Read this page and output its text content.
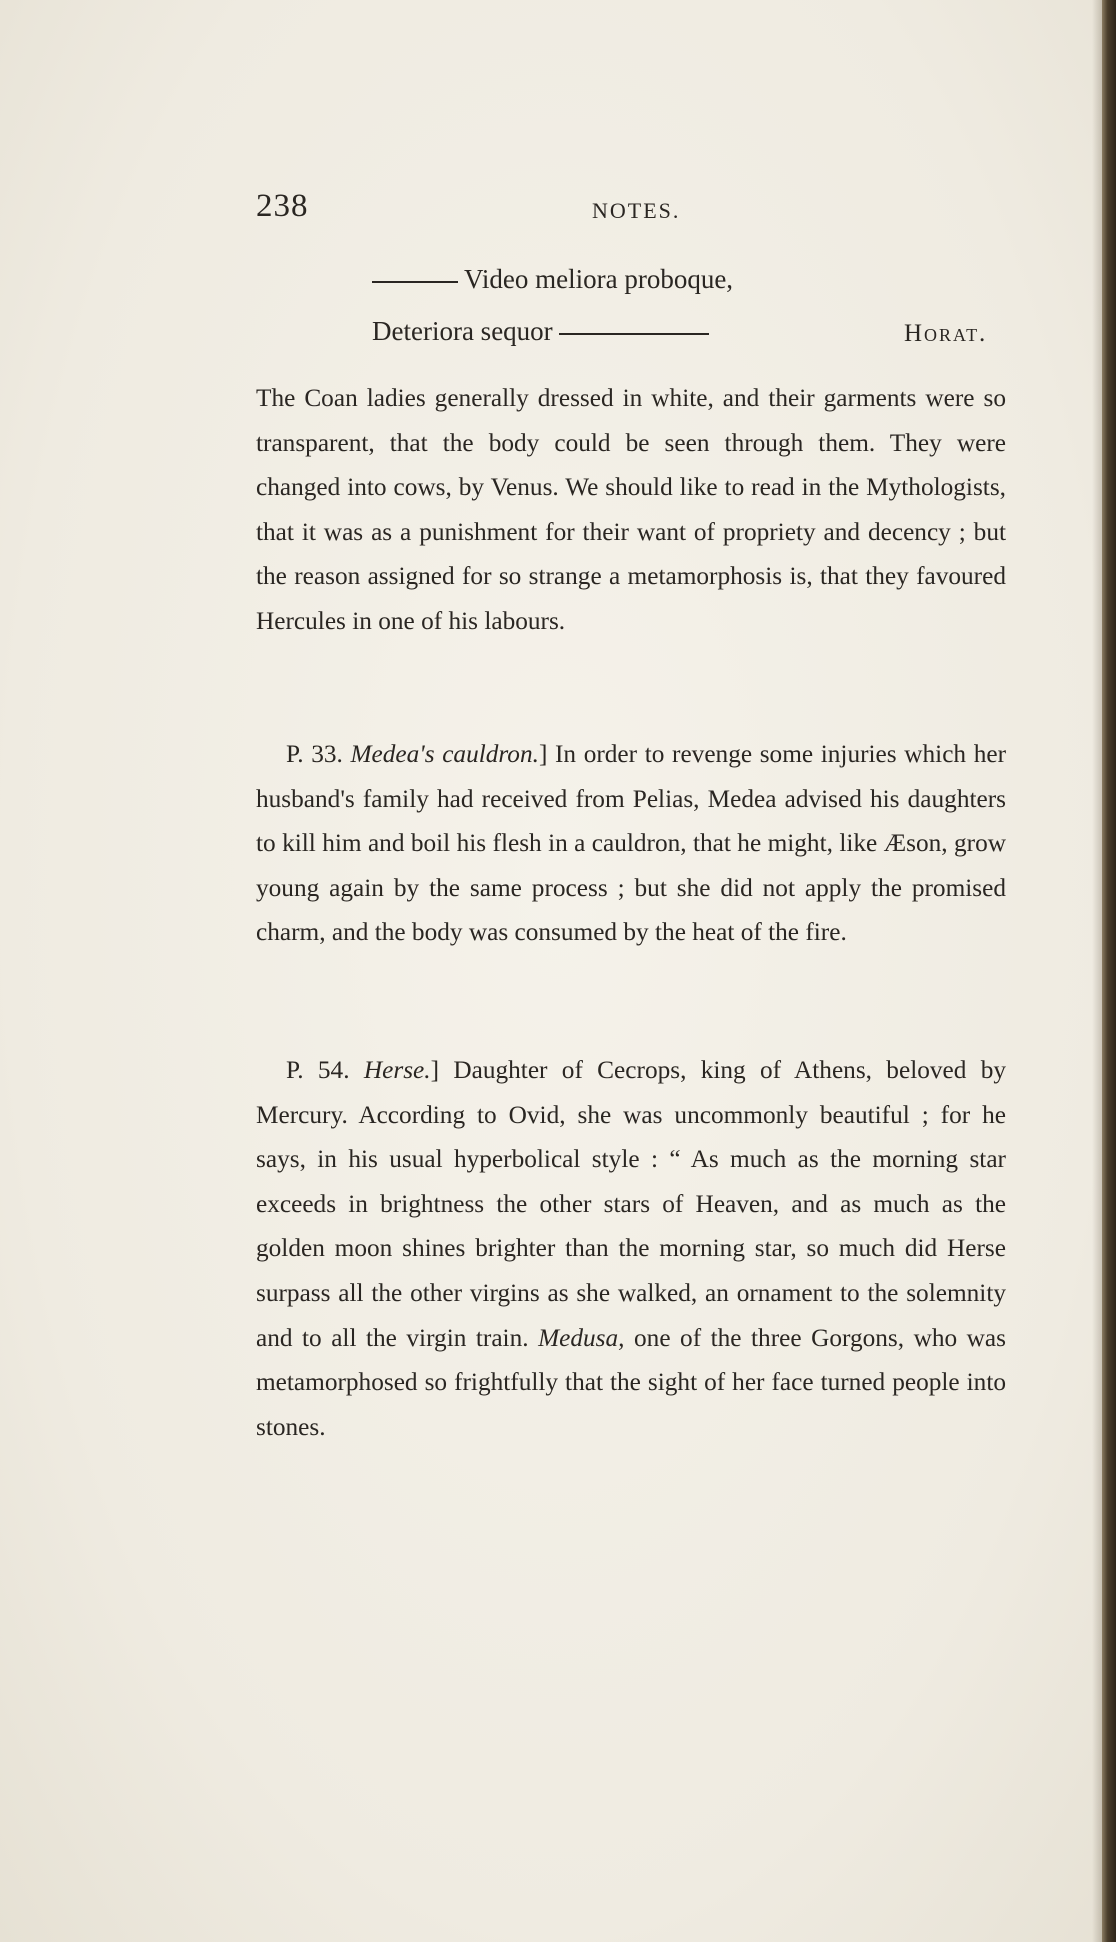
238	NOTES.
Video meliora proboque,
Deteriora sequor	Horat.

The Coan ladies generally dressed in white, and their garments were so transparent, that the body could be seen through them. They were changed into cows, by Venus. We should like to read in the Mythologists, that it was as a punishment for their want of propriety and decency ; but the reason assigned for so strange a metamorphosis is, that they favoured Hercules in one of his labours.

P. 33. Medea's cauldron.] In order to revenge some injuries which her husband's family had received from Pelias, Medea advised his daughters to kill him and boil his flesh in a cauldron, that he might, like Æson, grow young again by the same process ; but she did not apply the promised charm, and the body was consumed by the heat of the fire.

P. 54. Herse.] Daughter of Cecrops, king of Athens, beloved by Mercury. According to Ovid, she was uncommonly beautiful ; for he says, in his usual hyperbolical style : “ As much as the morning star exceeds in brightness the other stars of Heaven, and as much as the golden moon shines brighter than the morning star, so much did Herse surpass all the other virgins as she walked, an ornament to the solemnity and to all the virgin train. Medusa, one of the three Gorgons, who was metamorphosed so frightfully that the sight of her face turned people into stones.
